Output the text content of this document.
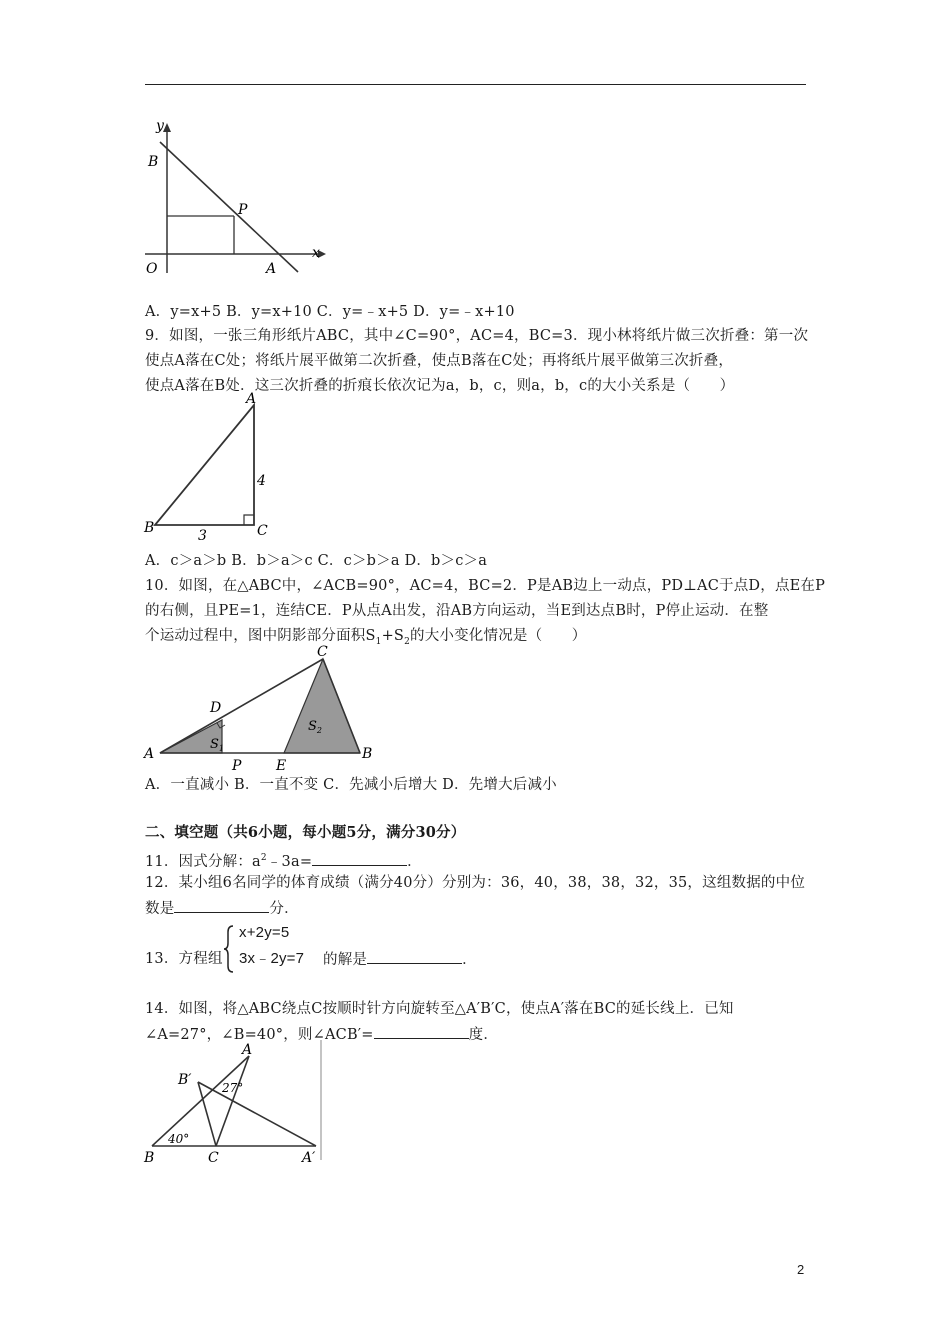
y
x
B
P
O	A
A．y=x+5 B．y=x+10 C．y=﹣x+5 D．y=﹣x+10
9．如图，一张三角形纸片ABC，其中∠C=90°，AC=4，BC=3．现小林将纸片做三次折叠：第一次
使点A落在C处；将纸片展平做第二次折叠，使点B落在C处；再将纸片展平做第三次折叠，
使点A落在B处．这三次折叠的折痕长依次记为a，b，c，则a，b，c的大小关系是（　　）
A
B	C
4
3
A．c＞a＞b B．b＞a＞c C．c＞b＞a D．b＞c＞a
10．如图，在△ABC中，∠ACB=90°，AC=4，BC=2．P是AB边上一动点，PD⊥AC于点D，点E在P
的右侧，且PE=1，连结CE．P从点A出发，沿AB方向运动，当E到达点B时，P停止运动．在整
个运动过程中，图中阴影部分面积$S_1+S_2$的大小变化情况是（　　）
C
D
A
P E
B
$S_1$
$S_2$
A．一直减小 B．一直不变 C．先减小后增大 D．先增大后减小
二、填空题（共6小题，每小题5分，满分30分）
11．因式分解：$a^2﹣3a=$	．
12．某小组6名同学的体育成绩（满分40分）分别为：36，40，38，38，32，35，这组数据的中位
数是	分．
x+2y=5
3x﹣2y=7
13．方程组	的解是	．
14．如图，将△ABC绕点C按顺时针方向旋转至△A′B′C，使点A′落在BC的延长线上．已知
∠A=27°，∠B=40°，则∠ACB′=	度．
A
B′	27°
40°
B	C	A′
2
